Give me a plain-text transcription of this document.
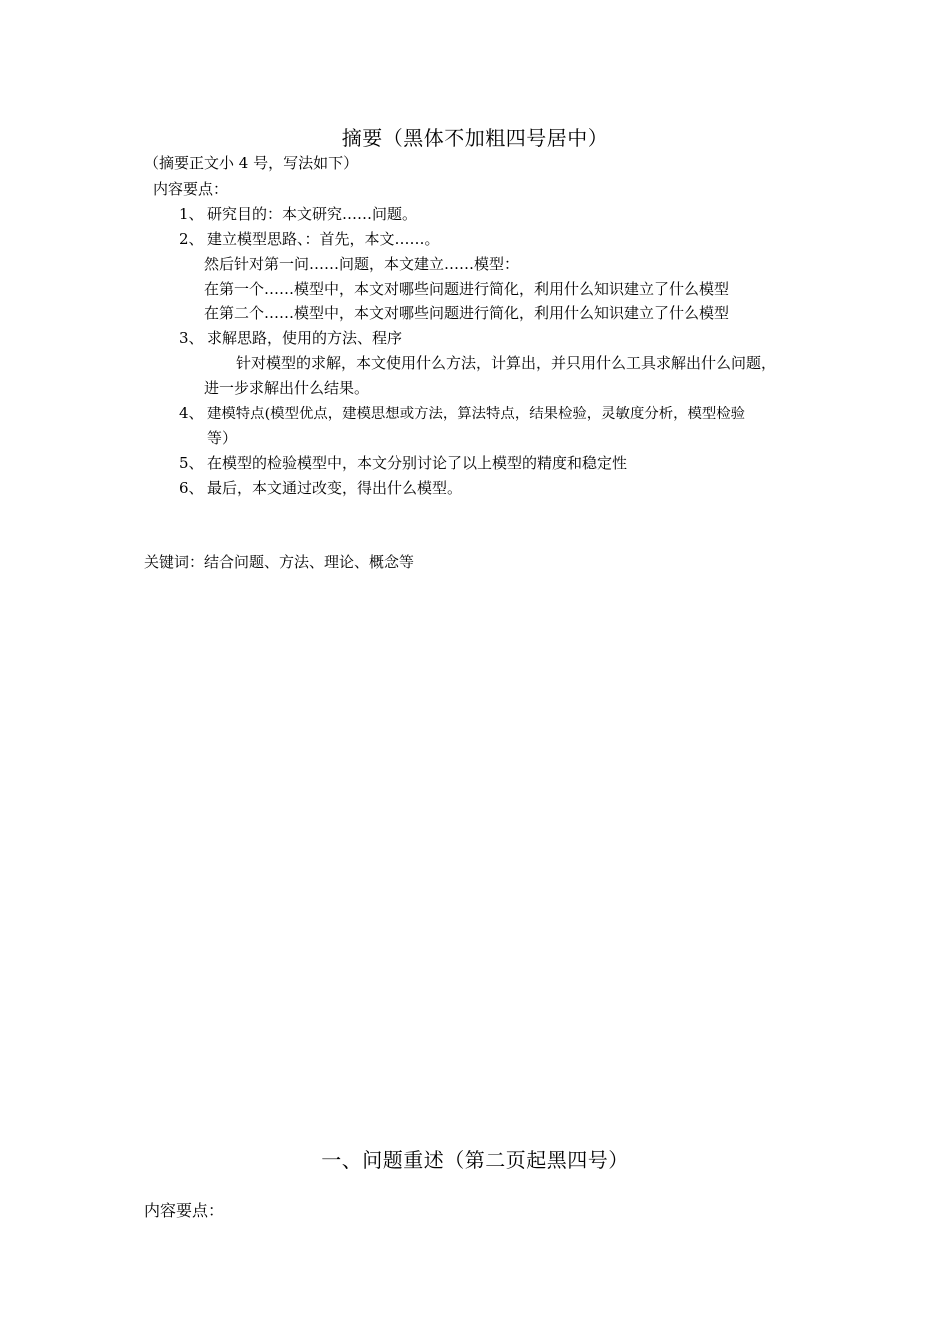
摘要（黑体不加粗四号居中）
（摘要正文小 4 号，写法如下）
内容要点：
1、 研究目的：本文研究……问题。
2、 建立模型思路、：首先，本文……。
然后针对第一问……问题，本文建立……模型：
在第一个……模型中，本文对哪些问题进行简化，利用什么知识建立了什么模型
在第二个……模型中，本文对哪些问题进行简化，利用什么知识建立了什么模型
3、 求解思路，使用的方法、程序
针对模型的求解，本文使用什么方法，计算出，并只用什么工具求解出什么问题，
进一步求解出什么结果。
4、 建模特点(模型优点，建模思想或方法，算法特点，结果检验，灵敏度分析，模型检验
等）
5、 在模型的检验模型中，本文分别讨论了以上模型的精度和稳定性
6、 最后，本文通过改变，得出什么模型。
关键词：结合问题、方法、理论、概念等
一、问题重述（第二页起黑四号）
内容要点：
